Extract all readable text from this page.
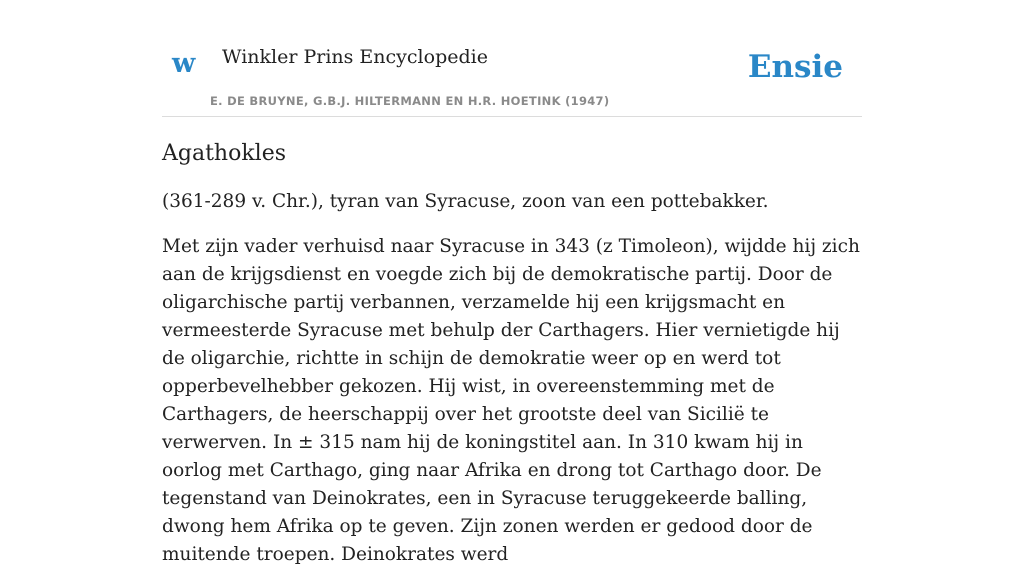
w Winkler Prins Encyclopedie
E. DE BRUYNE, G.B.J. HILTERMANN EN H.R. HOETINK (1947)
Ensie
Agathokles

(361-289 v. Chr.), tyran van Syracuse, zoon van een pottebakker.

Met zijn vader verhuisd naar Syracuse in 343 (z Timoleon), wijdde hij zich aan de krijgsdienst en voegde zich bij de demokratische partij. Door de oligarchische partij verbannen, verzamelde hij een krijgsmacht en vermeesterde Syracuse met behulp der Carthagers. Hier vernietigde hij de oligarchie, richtte in schijn de demokratie weer op en werd tot opperbevelhebber gekozen. Hij wist, in overeenstemming met de Carthagers, de heerschappij over het grootste deel van Sicilië te verwerven. In ± 315 nam hij de koningstitel aan. In 310 kwam hij in oorlog met Carthago, ging naar Afrika en drong tot Carthago door. De tegenstand van Deinokrates, een in Syracuse teruggekeerde balling, dwong hem Afrika op te geven. Zijn zonen werden er gedood door de muitende troepen. Deinokrates werd
